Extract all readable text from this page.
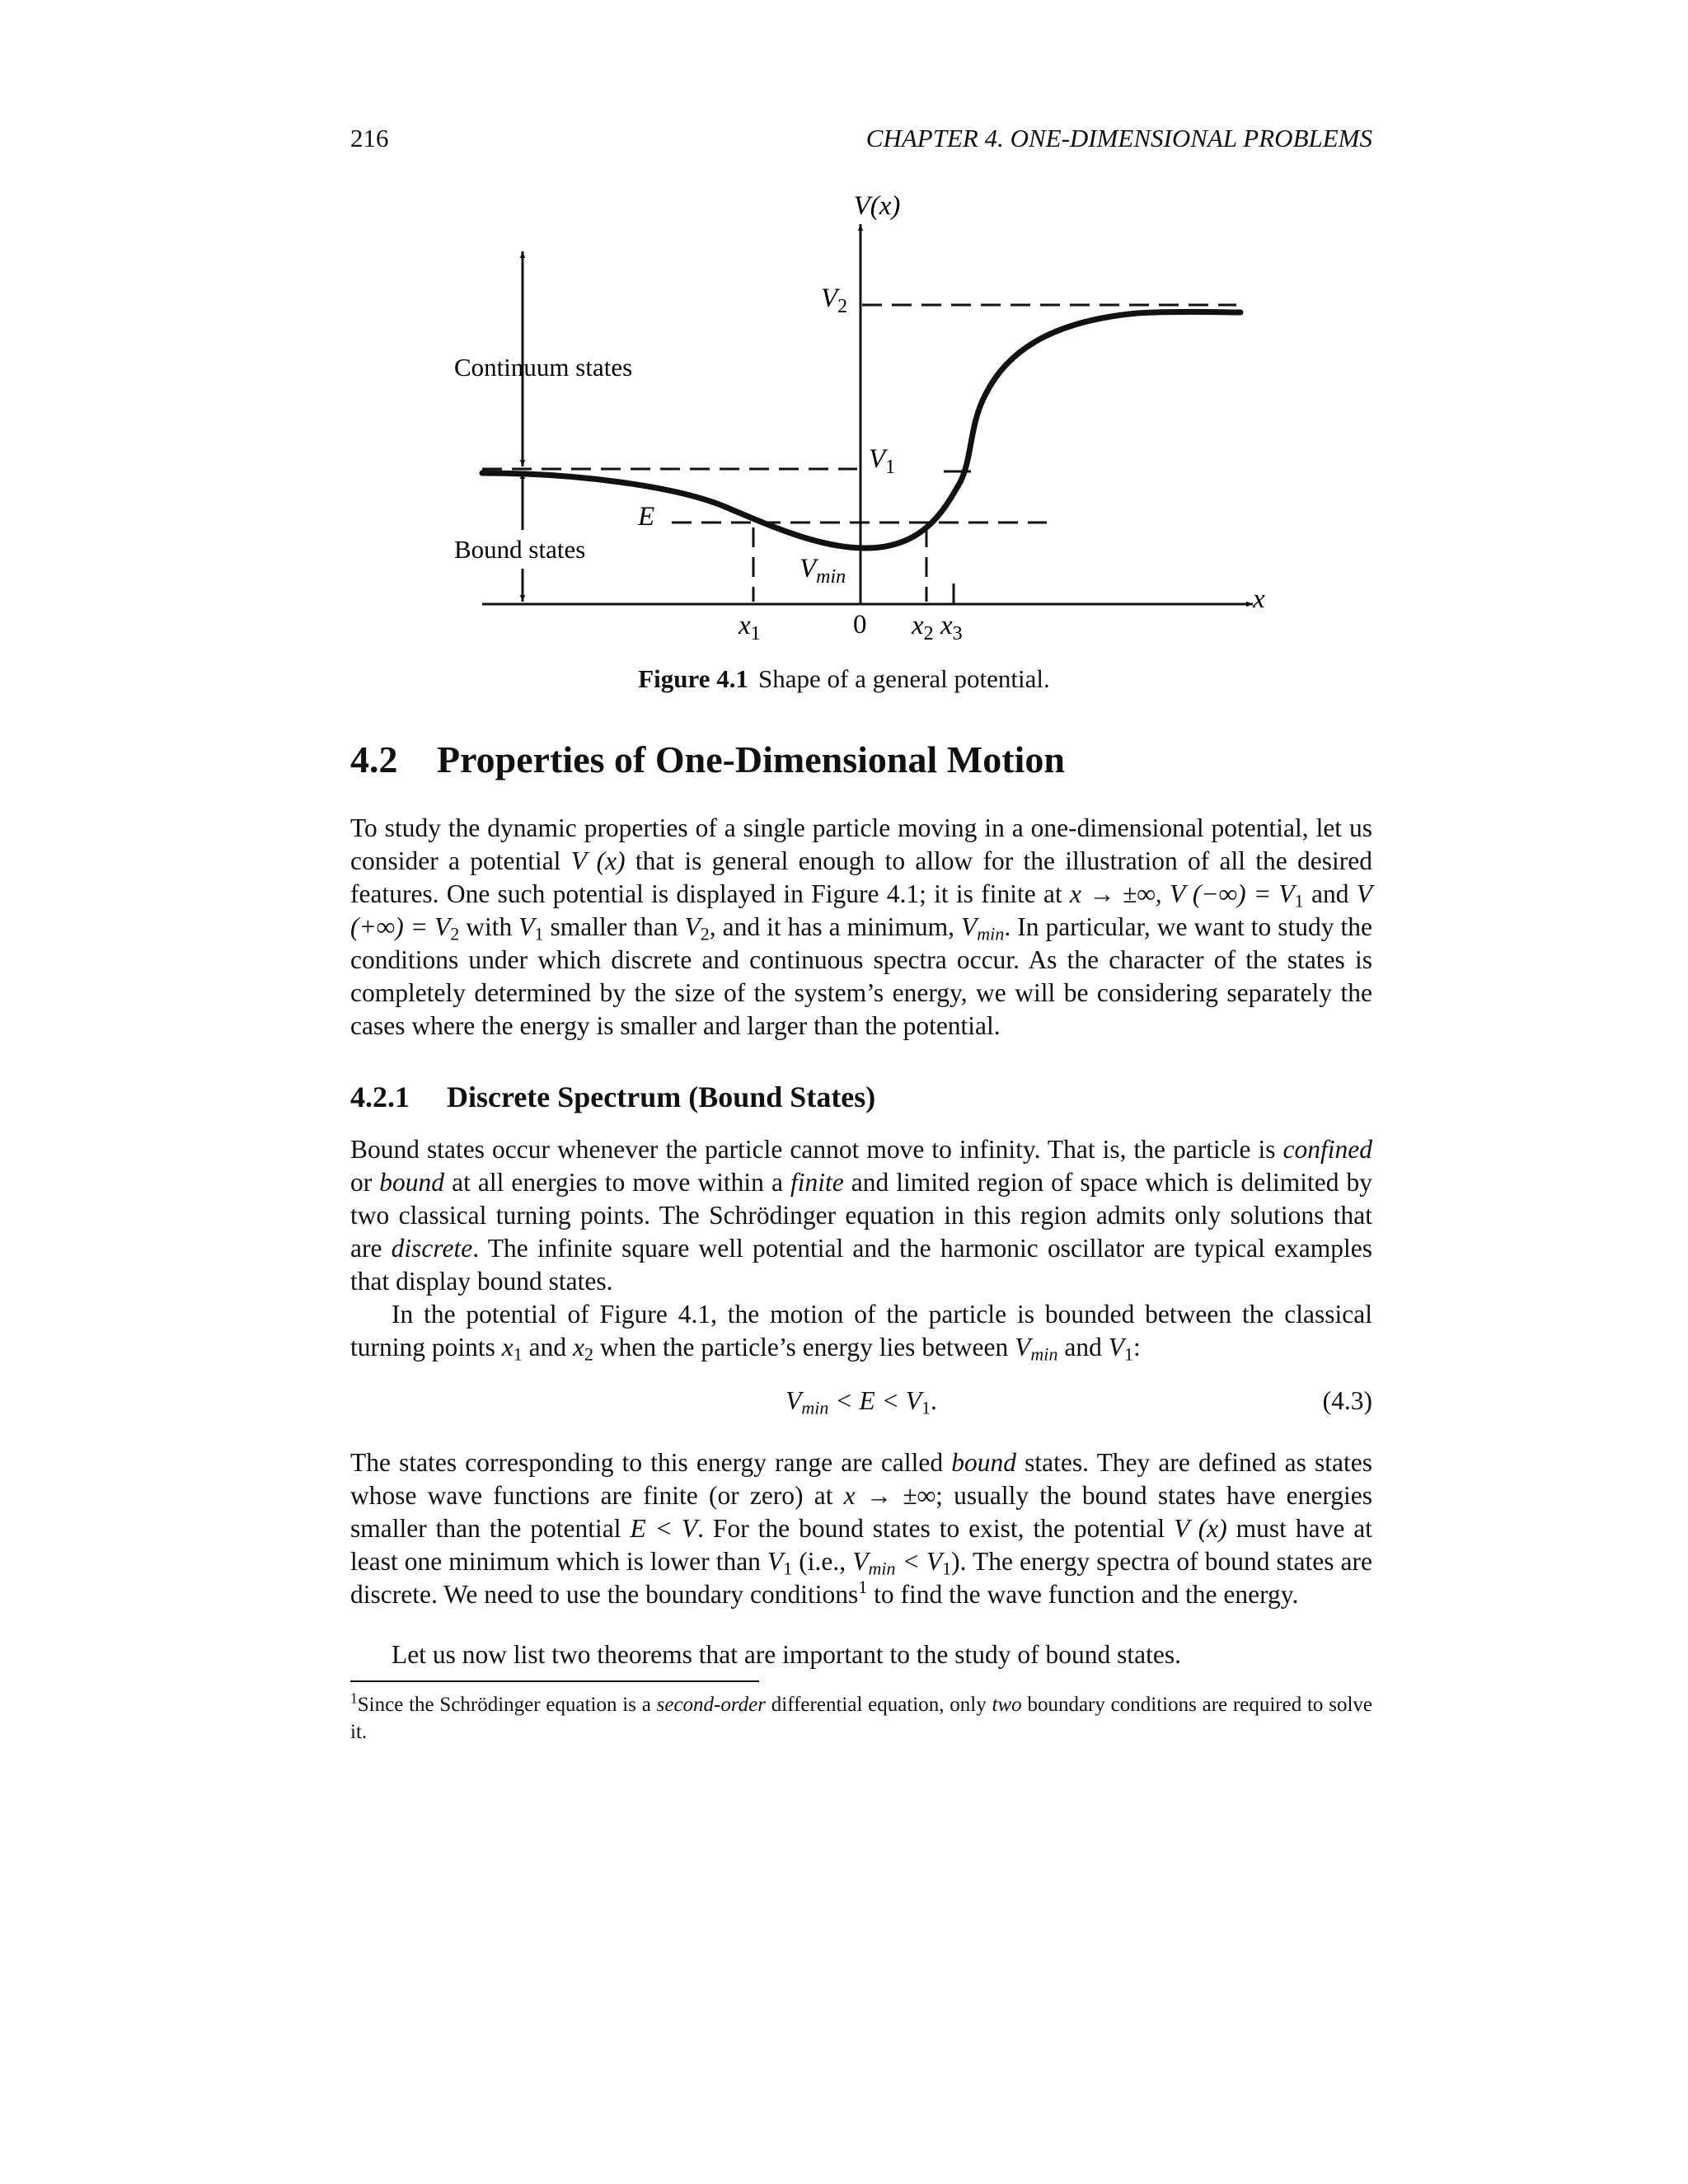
216	CHAPTER 4. ONE-DIMENSIONAL PROBLEMS
V(x)
x
$V_2$
$V_1$
E
$V_{min}$
Continuum states
Bound states
$x_1$	0 $x_2$ $x_3$
Figure 4.1 Shape of a general potential.
4.2 Properties of One-Dimensional Motion

To study the dynamic properties of a single particle moving in a one-dimensional potential, let us consider a potential V (x) that is general enough to allow for the illustration of all the desired features. One such potential is displayed in Figure 4.1; it is finite at x → ±∞, V (−∞) = $V_1$ and V (+∞) = $V_2$ with $V_1$ smaller than $V_2$, and it has a minimum, $V_{min}$. In particular, we want to study the conditions under which discrete and continuous spectra occur. As the character of the states is completely determined by the size of the system’s energy, we will be considering separately the cases where the energy is smaller and larger than the potential.

4.2.1 Discrete Spectrum (Bound States)

Bound states occur whenever the particle cannot move to infinity. That is, the particle is confined or bound at all energies to move within a finite and limited region of space which is delimited by two classical turning points. The Schrödinger equation in this region admits only solutions that are discrete. The infinite square well potential and the harmonic oscillator are typical examples that display bound states.

In the potential of Figure 4.1, the motion of the particle is bounded between the classical turning points $x_1$ and $x_2$ when the particle’s energy lies between $V_{min}$ and $V_1$:

$V_{min} < E < V_1$.	(4.3)

The states corresponding to this energy range are called bound states. They are defined as states whose wave functions are finite (or zero) at x → ±∞; usually the bound states have energies smaller than the potential E < V. For the bound states to exist, the potential V (x) must have at least one minimum which is lower than $V_1$ (i.e., $V_{min} < V_1$). The energy spectra of bound states are discrete. We need to use the boundary conditions$^1$ to find the wave function and the energy.

Let us now list two theorems that are important to the study of bound states.

$^1$Since the Schrödinger equation is a second-order differential equation, only two boundary conditions are required to solve it.
